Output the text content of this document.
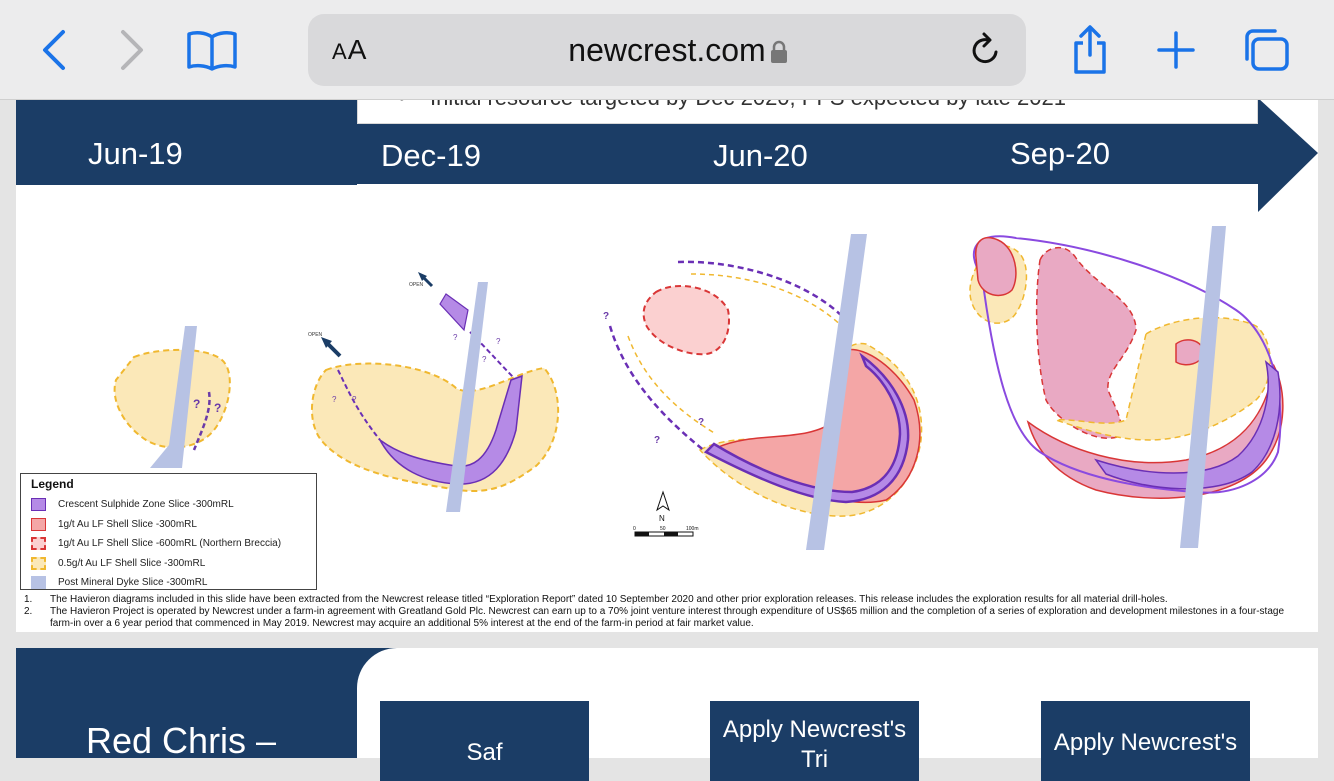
AA	newcrest.com
? ?
OPEN
OPEN	?	?
?
? ?
?
?
?
N
0	50	100m
Jun-19	Dec-19	Jun-20	Sep-20
Legend
Crescent Sulphide Zone Slice -300mRL
1g/t Au LF Shell Slice -300mRL
1g/t Au LF Shell Slice -600mRL (Northern Breccia)
0.5g/t Au LF Shell Slice -300mRL
Post Mineral Dyke Slice -300mRL
1.	The Havieron diagrams included in this slide have been extracted from the Newcrest release titled “Exploration Report” dated 10 September 2020 and other prior exploration releases. This release includes the exploration results for all material drill-holes.
2.	The Havieron Project is operated by Newcrest under a farm-in agreement with Greatland Gold Plc. Newcrest can earn up to a 70% joint venture interest through expenditure of US$65 million and the completion of a series of exploration and development milestones in a four-stage farm-in over a 6 year period that commenced in May 2019. Newcrest may acquire an additional 5% interest at the end of the farm-in period at fair market value.
Red Chris –	Saf
Apply Newcrest's Tri
Apply Newcrest's
